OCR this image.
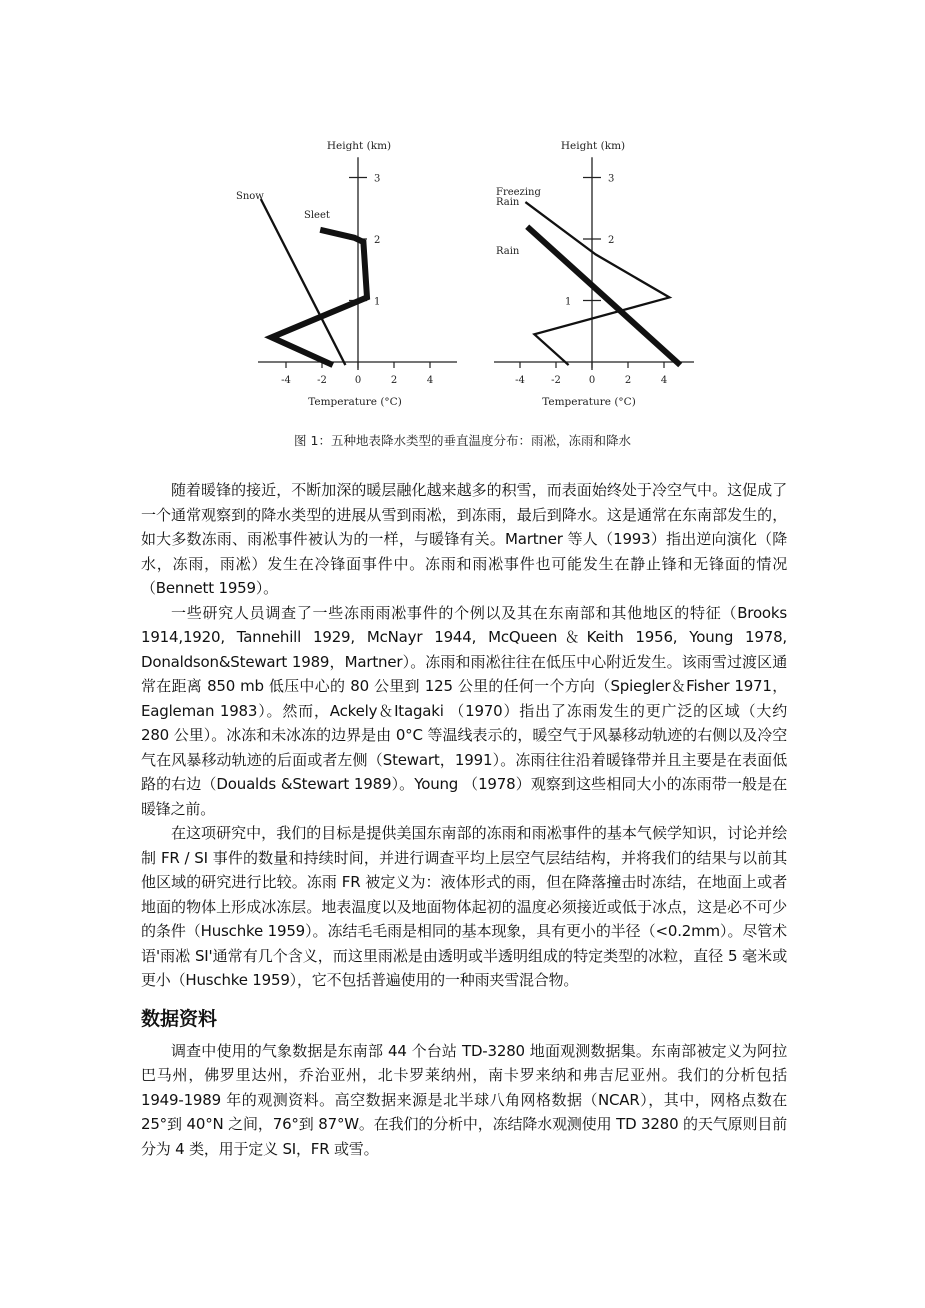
-4	-2	0	2	4
1
2
3
Height (km)
Temperature (°C)
Snow
Sleet
-4	-2	0	2	4
1
2
3
Height (km)
Temperature (°C)
Freezing
Rain
Rain
图 1：五种地表降水类型的垂直温度分布：雨凇，冻雨和降水

随着暖锋的接近，不断加深的暖层融化越来越多的积雪，而表面始终处于冷空气中。这促成了一个通常观察到的降水类型的进展从雪到雨凇，到冻雨，最后到降水。这是通常在东南部发生的，如大多数冻雨、雨凇事件被认为的一样，与暖锋有关。Martner 等人（1993）指出逆向演化（降水，冻雨，雨凇）发生在冷锋面事件中。冻雨和雨凇事件也可能发生在静止锋和无锋面的情况（Bennett 1959）。

一些研究人员调查了一些冻雨雨凇事件的个例以及其在东南部和其他地区的特征（Brooks 1914,1920, Tannehill 1929, McNayr 1944, McQueen＆Keith 1956, Young 1978, Donaldson&Stewart 1989，Martner）。冻雨和雨凇往往在低压中心附近发生。该雨雪过渡区通常在距离 850 mb 低压中心的 80 公里到 125 公里的任何一个方向（Spiegler＆Fisher 1971，Eagleman 1983）。然而，Ackely＆Itagaki （1970）指出了冻雨发生的更广泛的区域（大约 280 公里）。冰冻和未冰冻的边界是由 0°C 等温线表示的，暖空气于风暴移动轨迹的右侧以及冷空气在风暴移动轨迹的后面或者左侧（Stewart，1991）。冻雨往往沿着暖锋带并且主要是在表面低路的右边（Doualds &Stewart 1989）。Young （1978）观察到这些相同大小的冻雨带一般是在暖锋之前。

在这项研究中，我们的目标是提供美国东南部的冻雨和雨凇事件的基本气候学知识，讨论并绘制 FR / SI 事件的数量和持续时间，并进行调查平均上层空气层结结构，并将我们的结果与以前其他区域的研究进行比较。冻雨 FR 被定义为：液体形式的雨，但在降落撞击时冻结，在地面上或者地面的物体上形成冰冻层。地表温度以及地面物体起初的温度必须接近或低于冰点，这是必不可少的条件（Huschke 1959）。冻结毛毛雨是相同的基本现象，具有更小的半径（<0.2mm）。尽管术语'雨凇 SI'通常有几个含义，而这里雨凇是由透明或半透明组成的特定类型的冰粒，直径 5 毫米或更小（Huschke 1959），它不包括普遍使用的一种雨夹雪混合物。

数据资料

调查中使用的气象数据是东南部 44 个台站 TD-3280 地面观测数据集。东南部被定义为阿拉巴马州，佛罗里达州，乔治亚州，北卡罗莱纳州，南卡罗来纳和弗吉尼亚州。我们的分析包括 1949-1989 年的观测资料。高空数据来源是北半球八角网格数据（NCAR），其中，网格点数在 25°到 40°N 之间，76°到 87°W。在我们的分析中，冻结降水观测使用 TD 3280 的天气原则目前分为 4 类，用于定义 SI，FR 或雪。
